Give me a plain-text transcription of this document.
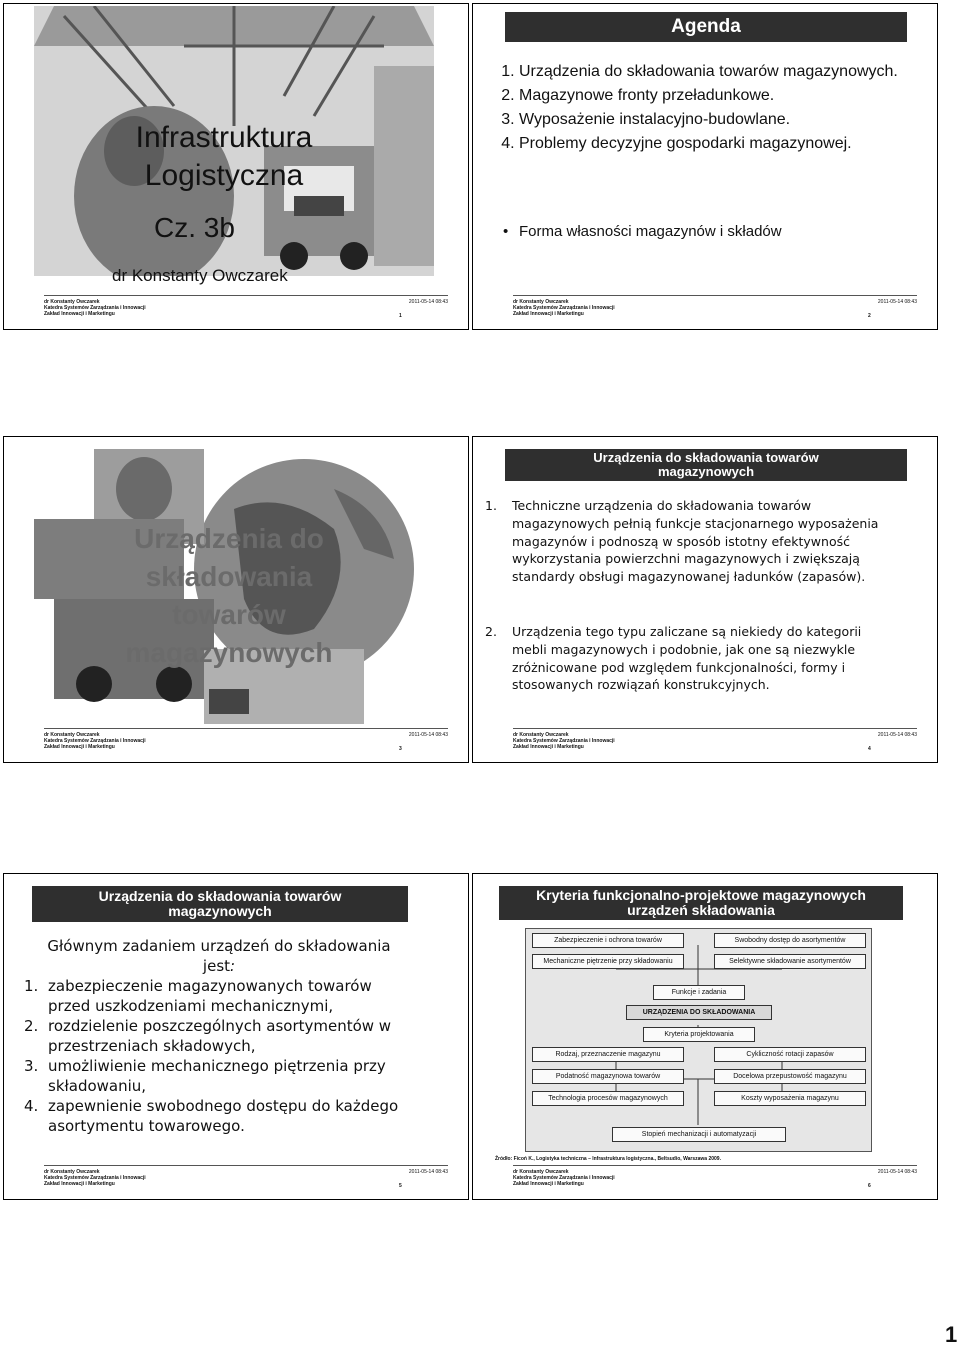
Infrastruktura
Logistyczna
Cz. 3b
dr Konstanty Owczarek
dr Konstanty Owczarek
Katedra Systemów Zarządzania i Innowacji
Zakład Innowacji i Marketingu
2011-05-14 08:43
1
Agenda
1. Urządzenia do składowania towarów magazynowych.
2. Magazynowe fronty przeładunkowe.
3. Wyposażenie instalacyjno-budowlane.
4. Problemy decyzyjne gospodarki magazynowej.
• Forma własności magazynów i składów
dr Konstanty Owczarek
Katedra Systemów Zarządzania i Innowacji
Zakład Innowacji i Marketingu
2011-05-14 08:43
2
Urządzenia do
składowania
towarów
magazynowych
dr Konstanty Owczarek
Katedra Systemów Zarządzania i Innowacji
Zakład Innowacji i Marketingu
2011-05-14 08:43
3
Urządzenia do składowania towarów
magazynowych
1. Techniczne urządzenia do składowania towarów magazynowych pełnią funkcje stacjonarnego wyposażenia magazynów i podnoszą w sposób istotny efektywność wykorzystania powierzchni magazynowych i zwiększają standardy obsługi magazynowanej ładunków (zapasów).
2. Urządzenia tego typu zaliczane są niekiedy do kategorii mebli magazynowych i podobnie, jak one są niezwykle zróżnicowane pod względem funkcjonalności, formy i stosowanych rozwiązań konstrukcyjnych.
dr Konstanty Owczarek
Katedra Systemów Zarządzania i Innowacji
Zakład Innowacji i Marketingu
2011-05-14 08:43
4
Urządzenia do składowania towarów
magazynowych
Głównym zadaniem urządzeń do składowania
jest:
1. zabezpieczenie magazynowanych towarów przed uszkodzeniami mechanicznymi,
2. rozdzielenie poszczególnych asortymentów w przestrzeniach składowych,
3. umożliwienie mechanicznego piętrzenia przy składowaniu,
4. zapewnienie swobodnego dostępu do każdego asortymentu towarowego.
dr Konstanty Owczarek
Katedra Systemów Zarządzania i Innowacji
Zakład Innowacji i Marketingu
2011-05-14 08:43
5
Kryteria funkcjonalno-projektowe magazynowych
urządzeń składowania
Zabezpieczenie i ochrona towarów	Swobodny dostęp do asortymentów
Mechaniczne piętrzenie przy składowaniu	Selektywne składowanie asortymentów
Funkcje i zadania
URZĄDZENIA DO SKŁADOWANIA
Kryteria projektowania
Rodzaj, przeznaczenie magazynu	Cykliczność rotacji zapasów
Podatność magazynowa towarów	Docelowa przepustowość magazynu
Technologia procesów magazynowych	Koszty wyposażenia magazynu
Stopień mechanizacji i automatyzacji
Źródło: Ficoń K., Logistyka techniczna – Infrastruktura logistyczna., Beltsudio, Warszawa 2009.
dr Konstanty Owczarek
Katedra Systemów Zarządzania i Innowacji
Zakład Innowacji i Marketingu
2011-05-14 08:43
6
1
